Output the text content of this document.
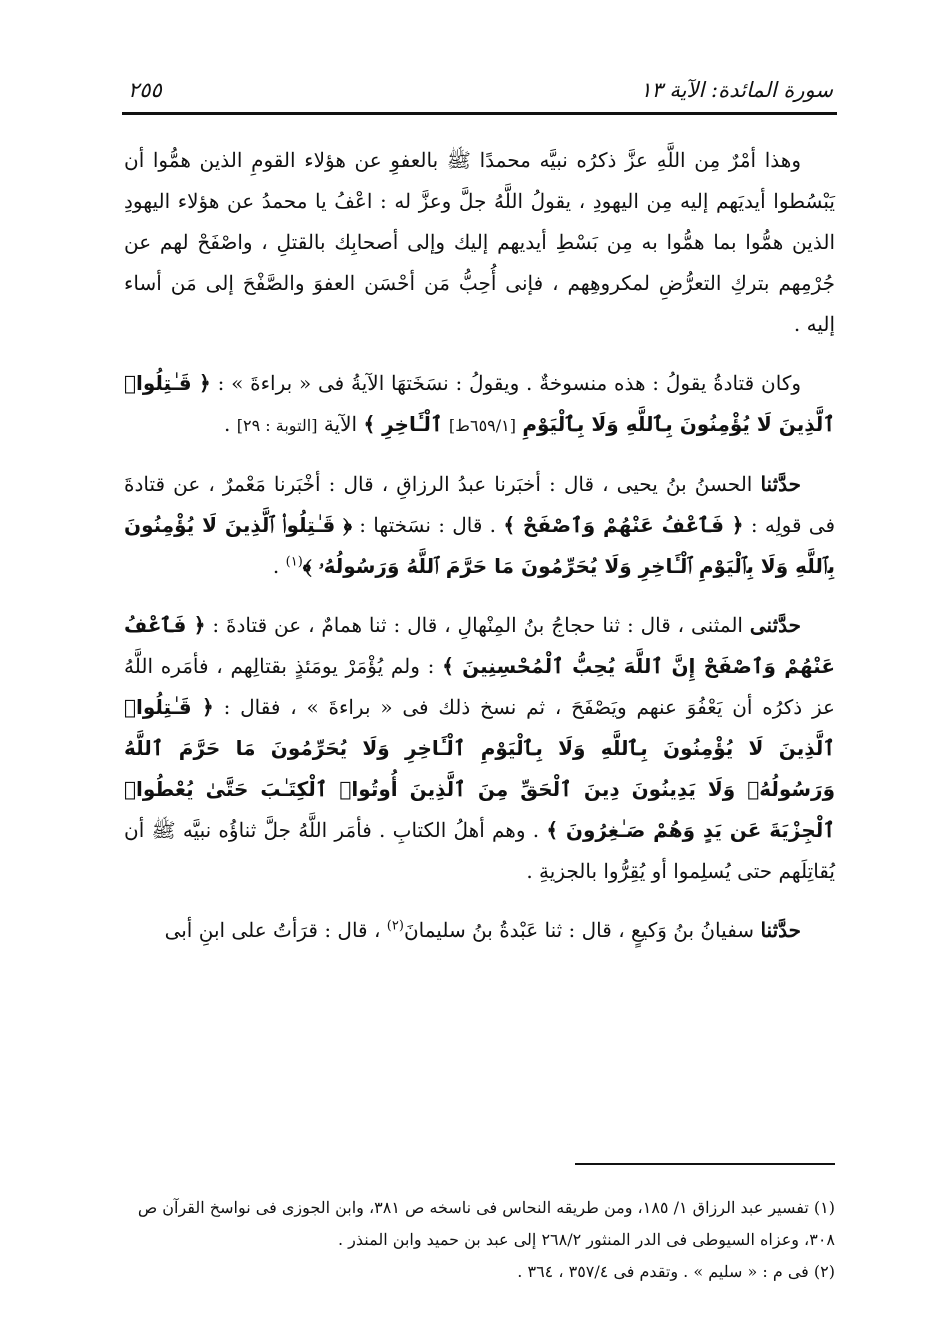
سورة المائدة: الآية ١٣
٢٥٥

وهذا أمْرٌ مِن اللَّهِ عزَّ ذكرُه نبيَّه محمدًا ﷺ بالعفوِ عن هؤلاء القومِ الذين همُّوا أن يَبْسُطوا أيديَهم إليه مِن اليهودِ ، يقولُ اللَّهُ جلَّ وعزَّ له : اعْفُ يا محمدُ عن هؤلاء اليهودِ الذين همُّوا بما همُّوا به مِن بَسْطِ أيديهم إليك وإلى أصحابِك بالقتلِ ، واصْفَحْ لهم عن جُرْمِهم بتركِ التعرُّضِ لمكروهِهم ، فإنى أُحِبُّ مَن أحْسَن العفوَ والصَّفْحَ إلى مَن أساء إليه .

وكان قتادةُ يقولُ : هذه منسوخةٌ . ويقولُ : نسَخَتهَا الآيةُ فى « براءةَ » : ﴿ قَـٰتِلُوا۟ ٱلَّذِينَ لَا يُؤْمِنُونَ بِٱللَّهِ وَلَا بِٱلْيَوْمِ [٦٥٩/١ط] ٱلْـَٔاخِرِ ﴾ الآية [التوبة : ٢٩] .

حدَّثنا الحسنُ بنُ يحيى ، قال : أخبَرنا عبدُ الرزاقِ ، قال : أخْبَرنا مَعْمرٌ ، عن قتادةَ فى قولِه : ﴿ فَٱعْفُ عَنْهُمْ وَٱصْفَحْ ﴾ . قال : نسَختها : ﴿ قَـٰتِلُوا۟ ٱلَّذِينَ لَا يُؤْمِنُونَ بِٱللَّهِ وَلَا بِٱلْيَوْمِ ٱلْـَٔاخِرِ وَلَا يُحَرِّمُونَ مَا حَرَّمَ ٱللَّهُ وَرَسُولُهُۥ ﴾$^{(١)}$ .

حدَّثنى المثنى ، قال : ثنا حجاجُ بنُ المِنْهالِ ، قال : ثنا همامٌ ، عن قتادةَ : ﴿ فَٱعْفُ عَنْهُمْ وَٱصْفَحْ إِنَّ ٱللَّهَ يُحِبُّ ٱلْمُحْسِنِينَ ﴾ : ولم يُؤْمَرْ يومَئذٍ بقتالِهم ، فأمَره اللَّهُ عز ذكرُه أن يَعْفُوَ عنهم ويَصْفَحَ ، ثم نسخ ذلك فى « براءةَ » ، فقال : ﴿ قَـٰتِلُوا۟ ٱلَّذِينَ لَا يُؤْمِنُونَ بِٱللَّهِ وَلَا بِٱلْيَوْمِ ٱلْـَٔاخِرِ وَلَا يُحَرِّمُونَ مَا حَرَّمَ ٱللَّهُ وَرَسُولُهُۥ وَلَا يَدِينُونَ دِينَ ٱلْحَقِّ مِنَ ٱلَّذِينَ أُوتُوا۟ ٱلْكِتَـٰبَ حَتَّىٰ يُعْطُوا۟ ٱلْجِزْيَةَ عَن يَدٍ وَهُمْ صَـٰغِرُونَ ﴾ . وهم أهلُ الكتابِ . فأمَر اللَّهُ جلَّ ثناؤُه نبيَّه ﷺ أن يُقاتِلَهم حتى يُسلِموا أو يُقِرُّوا بالجزيةِ .

حدَّثنا سفيانُ بنُ وَكيعٍ ، قال : ثنا عَبْدةُ بنُ سليمانَ$^{(٢)}$ ، قال : قرَأتُ على ابنِ أبى

(١) تفسير عبد الرزاق ١/ ١٨٥، ومن طريقه النحاس فى ناسخه ص ٣٨١، وابن الجوزى فى نواسخ القرآن ص ٣٠٨، وعزاه السيوطى فى الدر المنثور ٢٦٨/٢ إلى عبد بن حميد وابن المنذر .

(٢) فى م : « سليم » . وتقدم فى ٣٥٧/٤ ، ٣٦٤ .
